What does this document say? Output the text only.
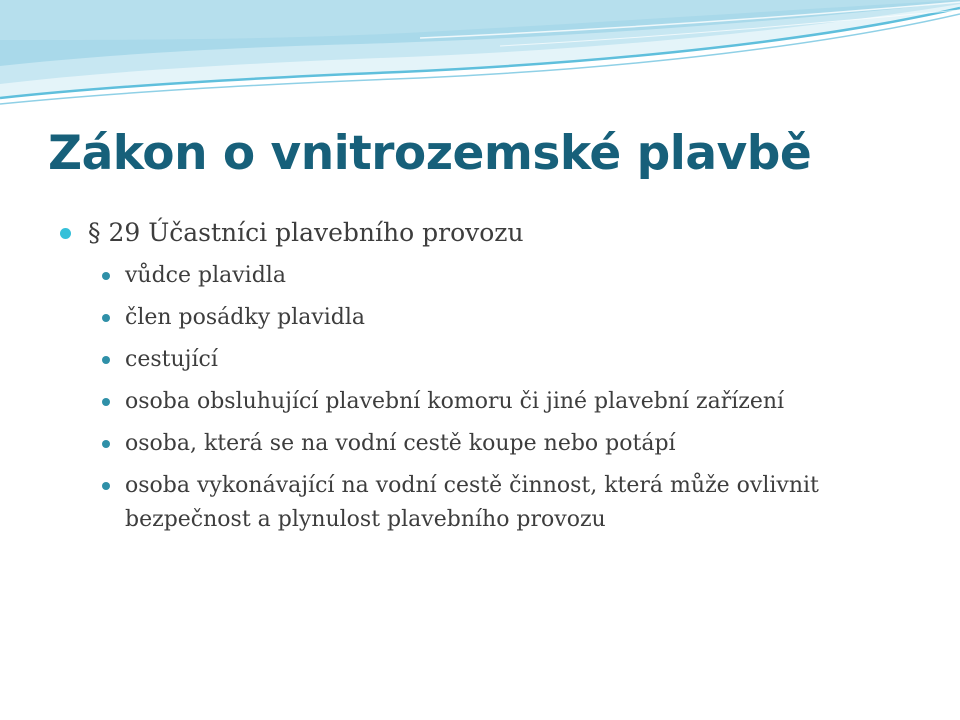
Zákon o vnitrozemské plavbě
§ 29 Účastníci plavebního provozu
vůdce plavidla
člen posádky plavidla
cestující
osoba obsluhující plavební komoru či jiné plavební zařízení
osoba, která se na vodní cestě koupe nebo potápí
osoba vykonávající na vodní cestě činnost, která může ovlivnit bezpečnost a plynulost plavebního provozu
